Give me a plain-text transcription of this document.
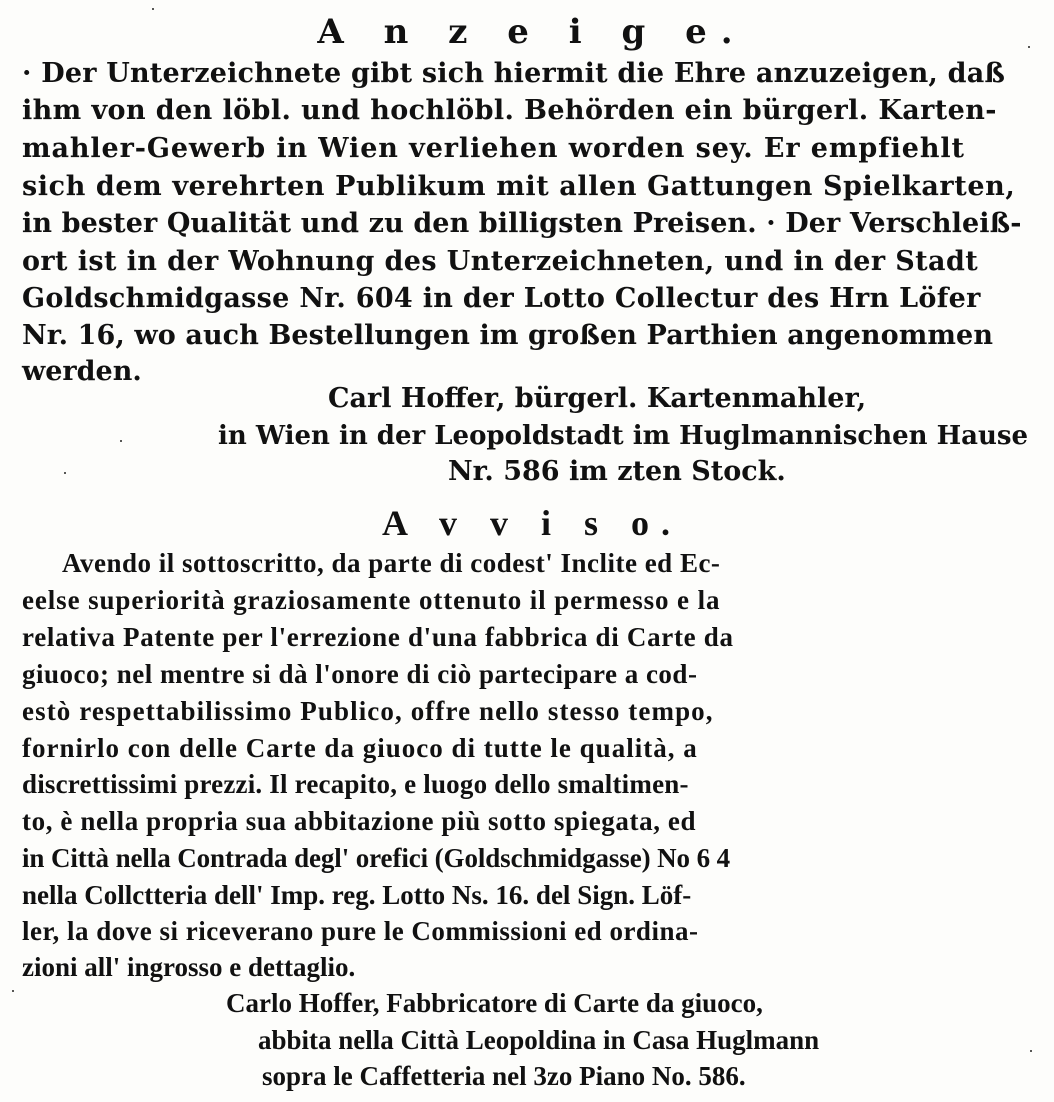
A n z e i g e.
· Der Unterzeichnete gibt sich hiermit die Ehre anzuzeigen, daß
ihm von den löbl. und hochlöbl. Behörden ein bürgerl. Karten-
mahler-Gewerb in Wien verliehen worden sey. Er empfiehlt
sich dem verehrten Publikum mit allen Gattungen Spielkarten,
in bester Qualität und zu den billigsten Preisen. · Der Verschleiß-
ort ist in der Wohnung des Unterzeichneten, und in der Stadt
Goldschmidgasse Nr. 604 in der Lotto Collectur des Hrn Löfer
Nr. 16, wo auch Bestellungen im großen Parthien angenommen
werden.
Carl Hoffer, bürgerl. Kartenmahler,
in Wien in der Leopoldstadt im Huglmannischen Hause
Nr. 586 im zten Stock.
A v v i s o.
Avendo il sottoscritto, da parte di codest' Inclite ed Ec-
eelse superiorità graziosamente ottenuto il permesso e la
relativa Patente per l'errezione d'una fabbrica di Carte da
giuoco; nel mentre si dà l'onore di ciò partecipare a cod-
estò respettabilissimo Publico, offre nello stesso tempo,
fornirlo con delle Carte da giuoco di tutte le qualità, a
discrettissimi prezzi. Il recapito, e luogo dello smaltimen-
to, è nella propria sua abbitazione più sotto spiegata, ed
in Città nella Contrada degl' orefici (Goldschmidgasse) No 6 4
nella Collctteria dell' Imp. reg. Lotto Ns. 16. del Sign. Löf-
ler, la dove si riceverano pure le Commissioni ed ordina-
zioni all' ingrosso e dettaglio.
Carlo Hoffer, Fabbricatore di Carte da giuoco,
abbita nella Città Leopoldina in Casa Huglmann
sopra le Caffetteria nel 3zo Piano No. 586.
